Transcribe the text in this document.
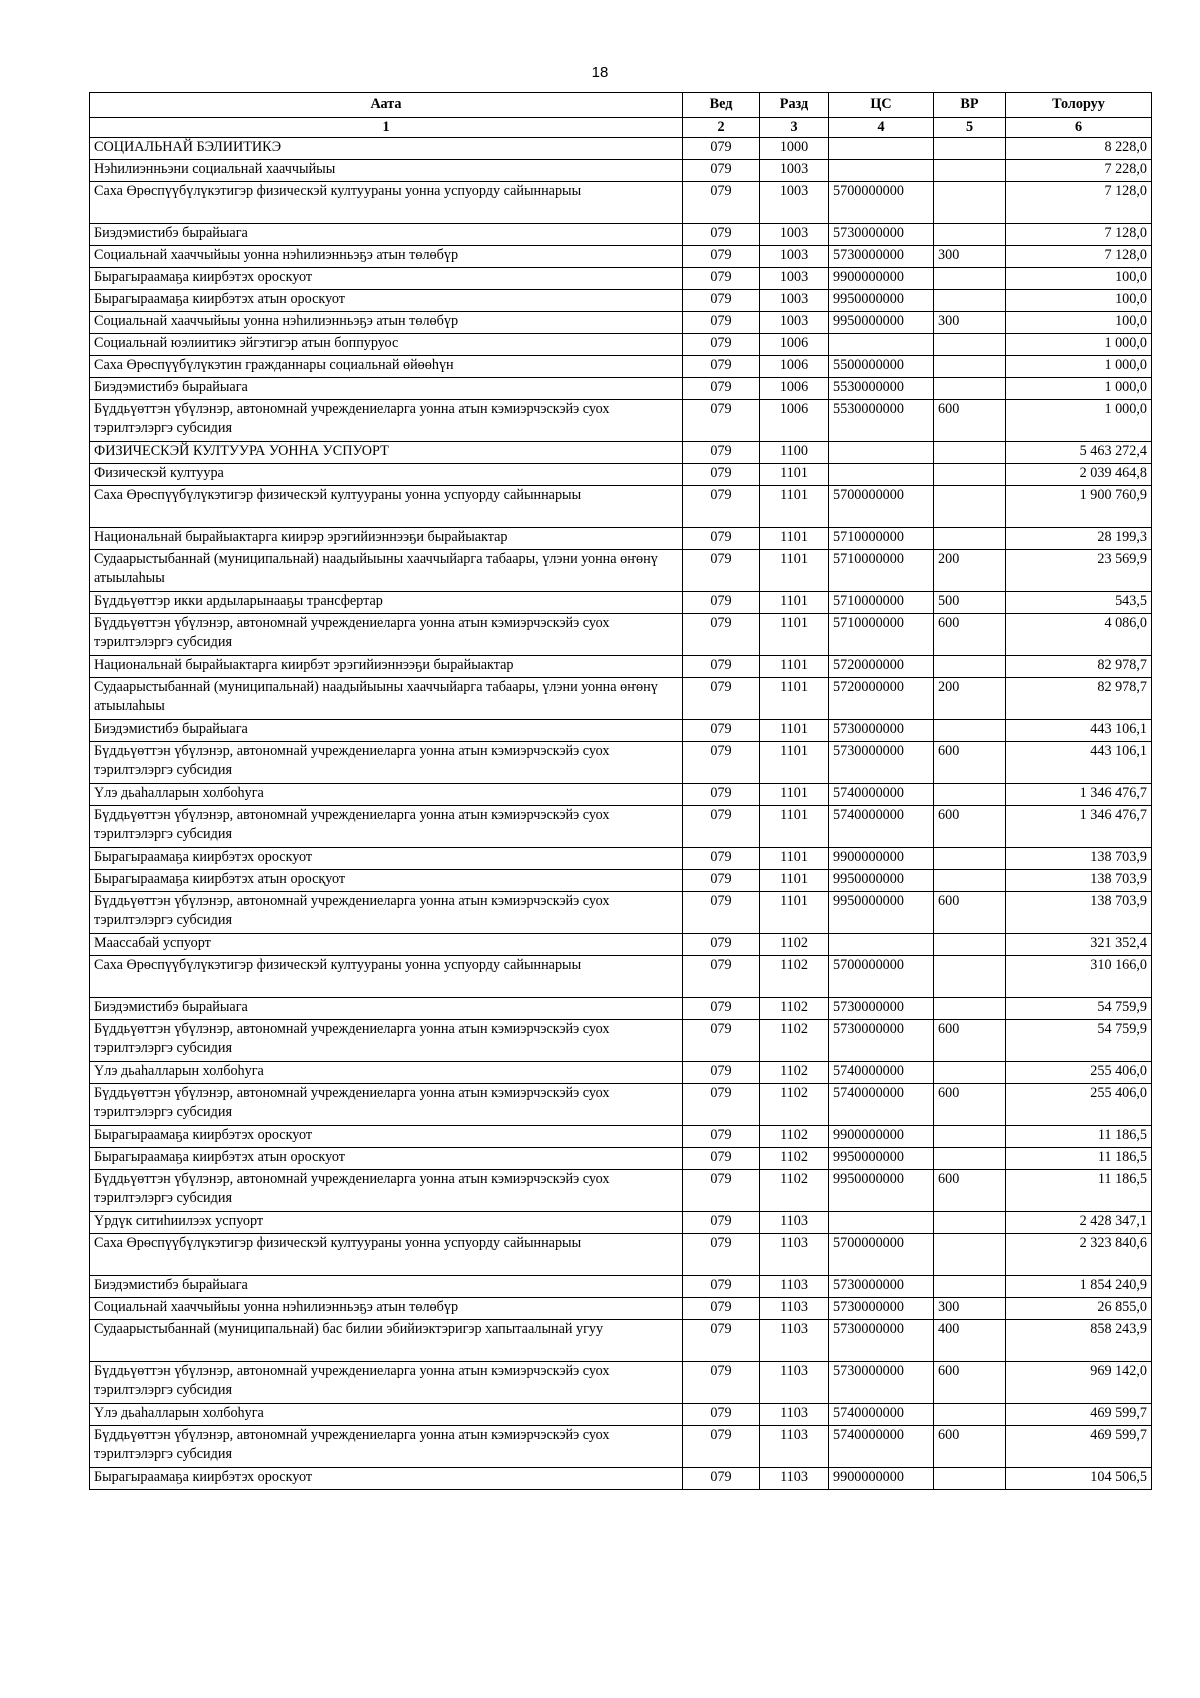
18
Аата	Вед	Разд	ЦС	ВР	Толоруу
1	2	3	4	5	6
СОЦИАЛЬНАЙ БЭЛИИТИКЭ	079	1000			8 228,0
Нэһилиэнньэни социальнай хааччыйыы	079	1003			7 228,0
Саха Өрөспүүбүлүкэтигэр физическэй култуураны уонна успуорду сайыннарыы	079	1003	5700000000		7 128,0
Биэдэмистибэ бырайыага	079	1003	5730000000		7 128,0
Социальнай хааччыйыы уонна нэһилиэнньэҕэ атын төлөбүр	079	1003	5730000000	300	7 128,0
Бырагыраамаҕа киирбэтэх ороскуот	079	1003	9900000000		100,0
Бырагыраамаҕа киирбэтэх атын ороскуот	079	1003	9950000000		100,0
Социальнай хааччыйыы уонна нэһилиэнньэҕэ атын төлөбүр	079	1003	9950000000	300	100,0
Социальнай юэлиитикэ эйгэтигэр атын боппуруос	079	1006			1 000,0
Саха Өрөспүүбүлүкэтин гражданнары социальнай өйөөһүн	079	1006	5500000000		1 000,0
Биэдэмистибэ бырайыага	079	1006	5530000000		1 000,0
Бүддьүөттэн үбүлэнэр, автономнай учреждениеларга уонна атын кэмиэрчэскэйэ суох тэрилтэлэргэ субсидия	079	1006	5530000000	600	1 000,0
ФИЗИЧЕСКЭЙ КУЛТУУРА УОННА УСПУОРТ	079	1100			5 463 272,4
Физическэй култуура	079	1101			2 039 464,8
Саха Өрөспүүбүлүкэтигэр физическэй култуураны уонна успуорду сайыннарыы	079	1101	5700000000		1 900 760,9
Национальнай бырайыактарга киирэр эрэгийиэннээҕи бырайыактар	079	1101	5710000000		28 199,3
Судаарыстыбаннай (муниципальнай) наадыйыыны хааччыйарга табаары, үлэни уонна өҥөнү атыылаһыы	079	1101	5710000000	200	23 569,9
Бүддьүөттэр икки ардыларынааҕы трансфертар	079	1101	5710000000	500	543,5
Бүддьүөттэн үбүлэнэр, автономнай учреждениеларга уонна атын кэмиэрчэскэйэ суох тэрилтэлэргэ субсидия	079	1101	5710000000	600	4 086,0
Национальнай бырайыактарга киирбэт эрэгийиэннээҕи бырайыактар	079	1101	5720000000		82 978,7
Судаарыстыбаннай (муниципальнай) наадыйыыны хааччыйарга табаары, үлэни уонна өҥөнү атыылаһыы	079	1101	5720000000	200	82 978,7
Биэдэмистибэ бырайыага	079	1101	5730000000		443 106,1
Бүддьүөттэн үбүлэнэр, автономнай учреждениеларга уонна атын кэмиэрчэскэйэ суох тэрилтэлэргэ субсидия	079	1101	5730000000	600	443 106,1
Үлэ дьаһалларын холбоһуга	079	1101	5740000000		1 346 476,7
Бүддьүөттэн үбүлэнэр, автономнай учреждениеларга уонна атын кэмиэрчэскэйэ суох тэрилтэлэргэ субсидия	079	1101	5740000000	600	1 346 476,7
Бырагыраамаҕа киирбэтэх ороскуот	079	1101	9900000000		138 703,9
Бырагыраамаҕа киирбэтэх атын оросқуот	079	1101	9950000000		138 703,9
Бүддьүөттэн үбүлэнэр, автономнай учреждениеларга уонна атын кэмиэрчэскэйэ суох тэрилтэлэргэ субсидия	079	1101	9950000000	600	138 703,9
Маассабай успуорт	079	1102			321 352,4
Саха Өрөспүүбүлүкэтигэр физическэй култуураны уонна успуорду сайыннарыы	079	1102	5700000000		310 166,0
Биэдэмистибэ бырайыага	079	1102	5730000000		54 759,9
Бүддьүөттэн үбүлэнэр, автономнай учреждениеларга уонна атын кэмиэрчэскэйэ суох тэрилтэлэргэ субсидия	079	1102	5730000000	600	54 759,9
Үлэ дьаһалларын холбоһуга	079	1102	5740000000		255 406,0
Бүддьүөттэн үбүлэнэр, автономнай учреждениеларга уонна атын кэмиэрчэскэйэ суох тэрилтэлэргэ субсидия	079	1102	5740000000	600	255 406,0
Бырагыраамаҕа киирбэтэх ороскуот	079	1102	9900000000		11 186,5
Бырагыраамаҕа киирбэтэх атын ороскуот	079	1102	9950000000		11 186,5
Бүддьүөттэн үбүлэнэр, автономнай учреждениеларга уонна атын кэмиэрчэскэйэ суох тэрилтэлэргэ субсидия	079	1102	9950000000	600	11 186,5
Үрдүк ситиһиилээх успуорт	079	1103			2 428 347,1
Саха Өрөспүүбүлүкэтигэр физическэй култуураны уонна успуорду сайыннарыы	079	1103	5700000000		2 323 840,6
Биэдэмистибэ бырайыага	079	1103	5730000000		1 854 240,9
Социальнай хааччыйыы уонна нэһилиэнньэҕэ атын төлөбүр	079	1103	5730000000	300	26 855,0
Судаарыстыбаннай (муниципальнай) бас билии эбийиэктэригэр хапытаалынай угуу	079	1103	5730000000	400	858 243,9
Бүддьүөттэн үбүлэнэр, автономнай учреждениеларга уонна атын кэмиэрчэскэйэ суох тэрилтэлэргэ субсидия	079	1103	5730000000	600	969 142,0
Үлэ дьаһалларын холбоһуга	079	1103	5740000000		469 599,7
Бүддьүөттэн үбүлэнэр, автономнай учреждениеларга уонна атын кэмиэрчэскэйэ суох тэрилтэлэргэ субсидия	079	1103	5740000000	600	469 599,7
Бырагыраамаҕа киирбэтэх ороскуот	079	1103	9900000000		104 506,5
